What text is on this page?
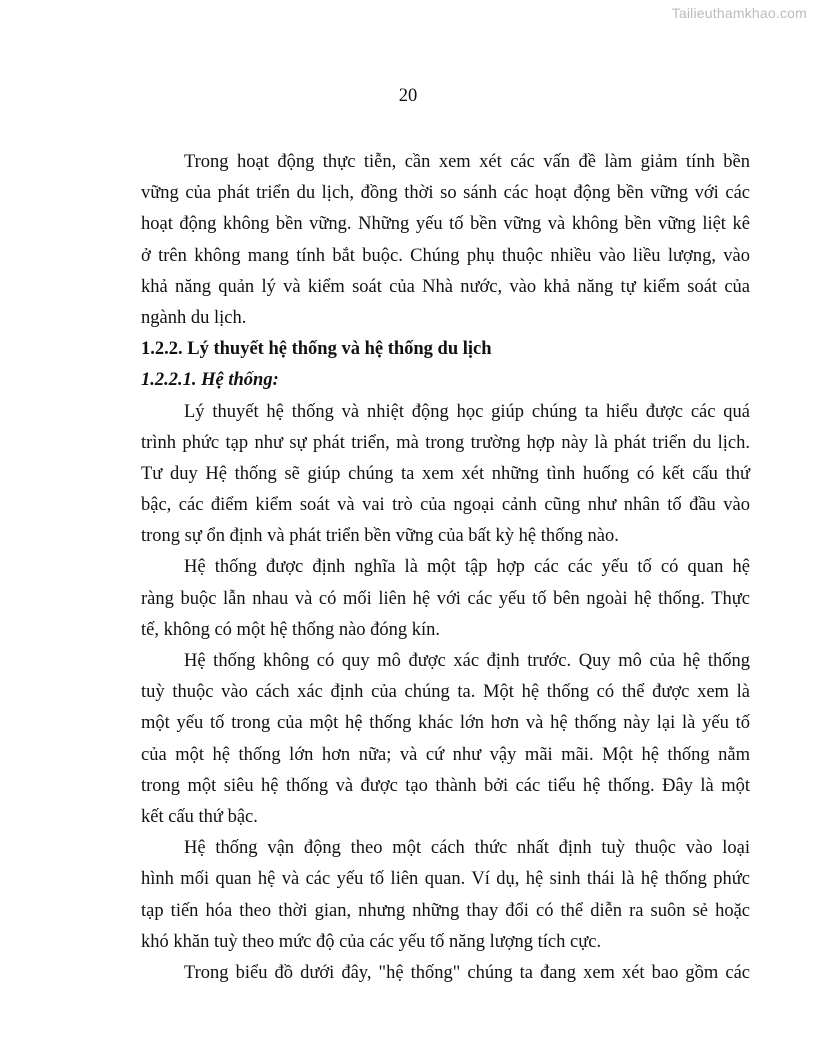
Tailieuthamkhao.com
20
Trong hoạt động thực tiễn, cần xem xét các vấn đề làm giảm tính bền
vững của phát triển du lịch, đồng thời so sánh các hoạt động bền vững với các
hoạt động không bền vững. Những yếu tố bền vững và không bền vững liệt kê
ở trên không mang tính bắt buộc. Chúng phụ thuộc nhiều vào liều lượng, vào
khả năng quản lý và kiểm soát của Nhà nước, vào khả năng tự kiểm soát của
ngành du lịch.
1.2.2. Lý thuyết hệ thống và hệ thống du lịch
1.2.2.1. Hệ thống:
Lý thuyết hệ thống và nhiệt động học giúp chúng ta hiểu được các quá
trình phức tạp như sự phát triển, mà trong trường hợp này là phát triển du lịch.
Tư duy Hệ thống sẽ giúp chúng ta xem xét những tình huống có kết cấu thứ
bậc, các điểm kiểm soát và vai trò của ngoại cảnh cũng như nhân tố đầu vào
trong sự ổn định và phát triển bền vững của bất kỳ hệ thống nào.
Hệ thống được định nghĩa là một tập hợp các các yếu tố có quan hệ
ràng buộc lẫn nhau và có mối liên hệ với các yếu tố bên ngoài hệ thống. Thực
tế, không có một hệ thống nào đóng kín.
Hệ thống không có quy mô được xác định trước. Quy mô của hệ thống
tuỳ thuộc vào cách xác định của chúng ta. Một hệ thống có thể được xem là
một yếu tố trong của một hệ thống khác lớn hơn và hệ thống này lại là yếu tố
của một hệ thống lớn hơn nữa; và cứ như vậy mãi mãi. Một hệ thống nằm
trong một siêu hệ thống và được tạo thành bởi các tiểu hệ thống. Đây là một
kết cấu thứ bậc.
Hệ thống vận động theo một cách thức nhất định tuỳ thuộc vào loại
hình mối quan hệ và các yếu tố liên quan. Ví dụ, hệ sinh thái là hệ thống phức
tạp tiến hóa theo thời gian, nhưng những thay đổi có thể diễn ra suôn sẻ hoặc
khó khăn tuỳ theo mức độ của các yếu tố năng lượng tích cực.
Trong biểu đồ dưới đây, "hệ thống" chúng ta đang xem xét bao gồm các
